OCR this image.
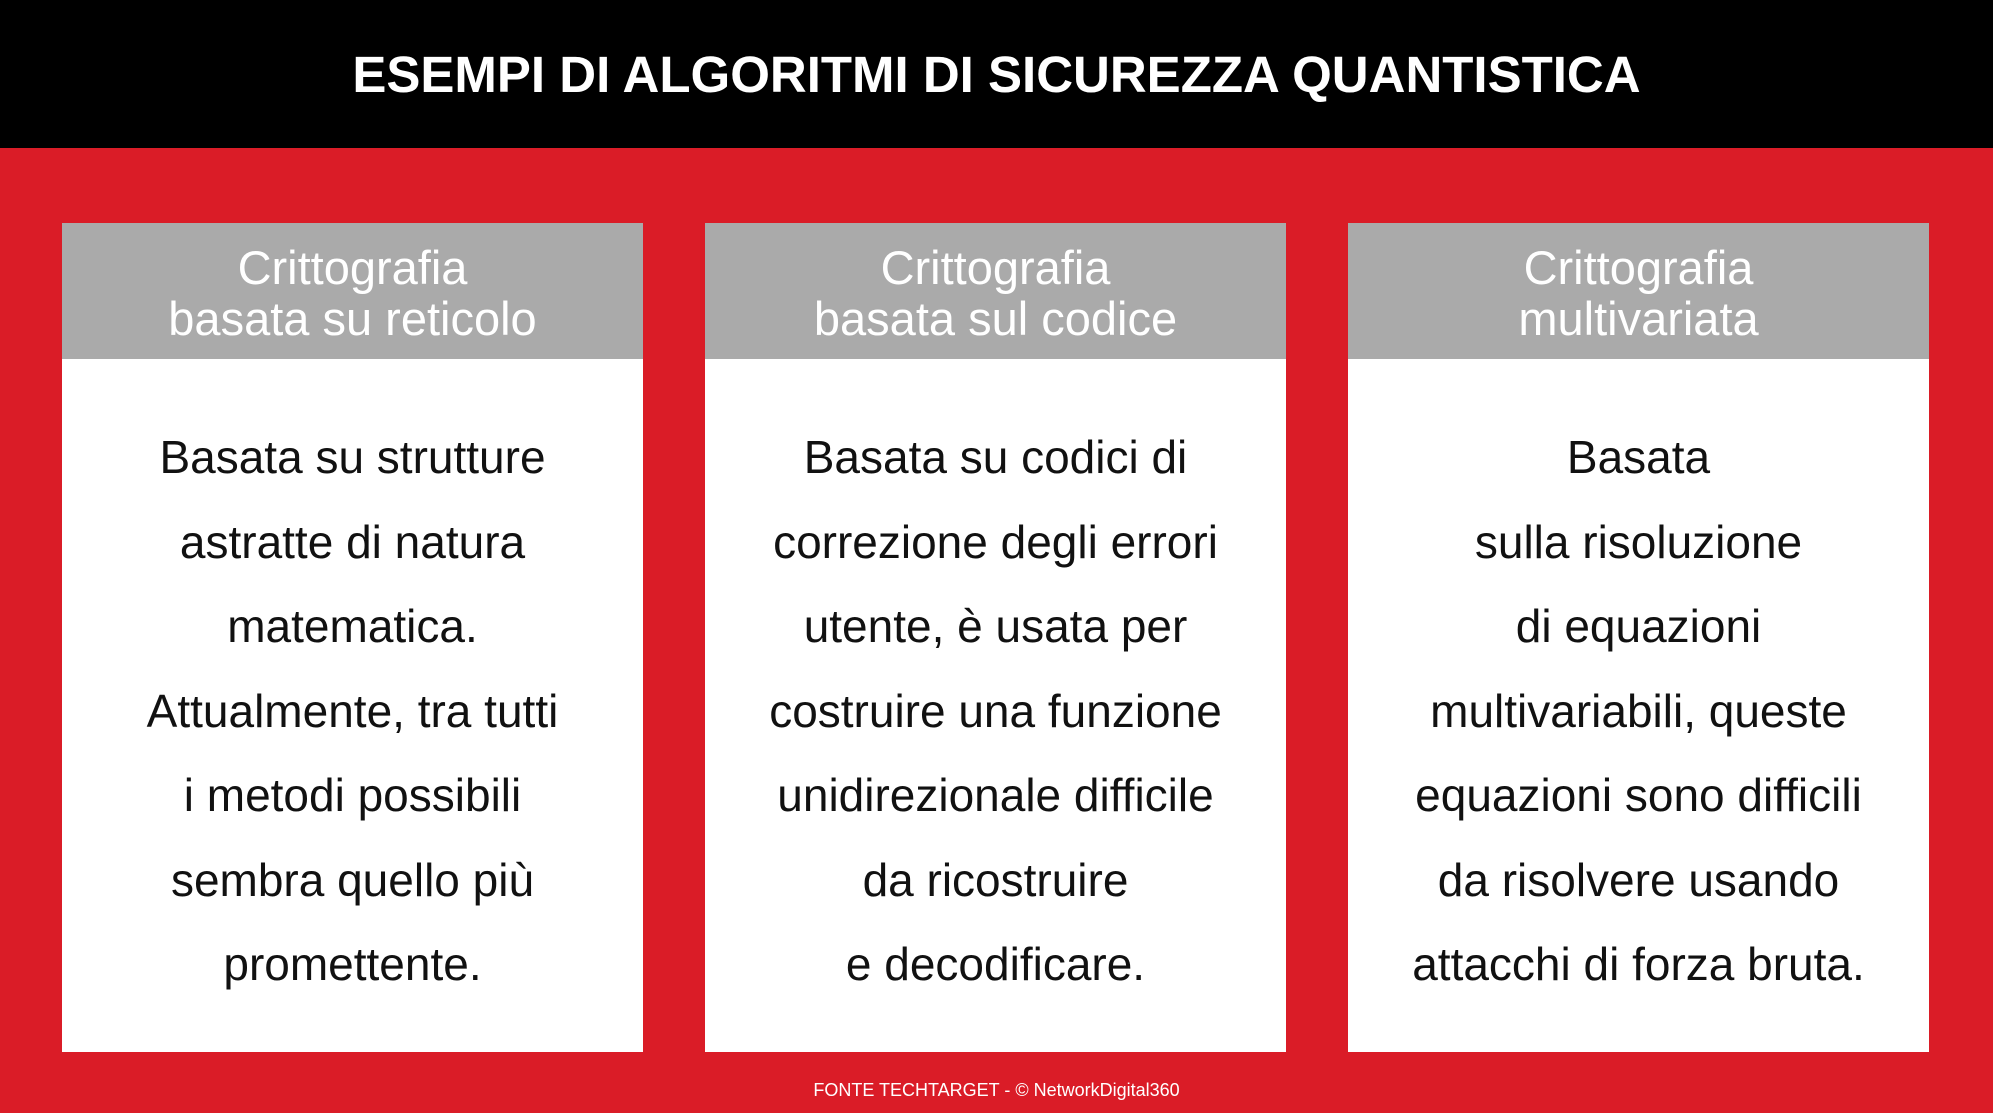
ESEMPI DI ALGORITMI DI SICUREZZA QUANTISTICA
Crittografia
basata su reticolo
Basata su strutture
astratte di natura
matematica.
Attualmente, tra tutti
i metodi possibili
sembra quello più
promettente.
Crittografia
basata sul codice
Basata su codici di
correzione degli errori
utente, è usata per
costruire una funzione
unidirezionale difficile
da ricostruire
e decodificare.
Crittografia
multivariata
Basata
sulla risoluzione
di equazioni
multivariabili, queste
equazioni sono difficili
da risolvere usando
attacchi di forza bruta.
FONTE TECHTARGET - © NetworkDigital360
